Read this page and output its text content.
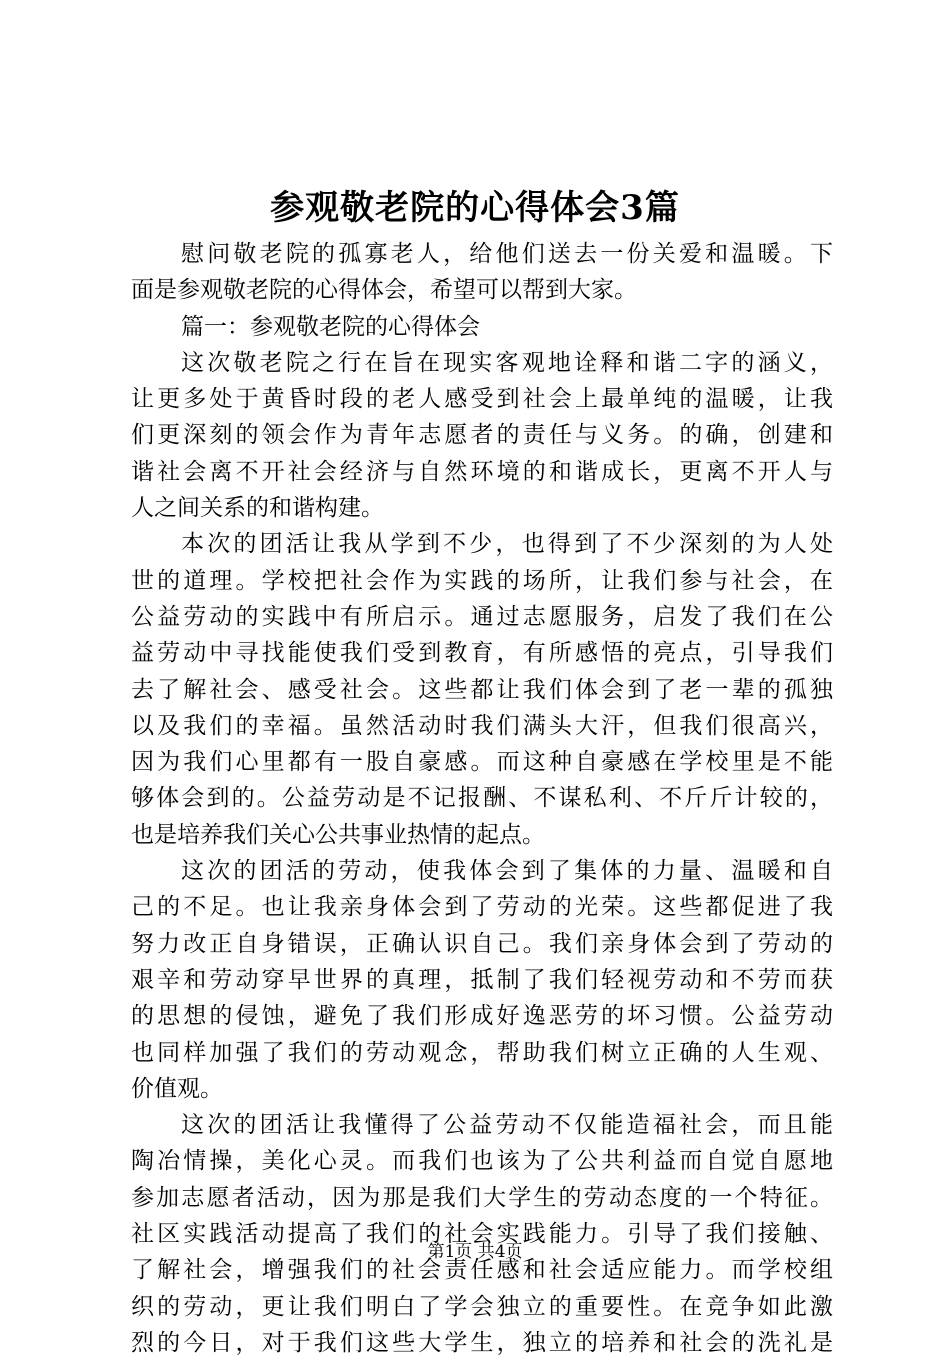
参观敬老院的心得体会3篇
慰问敬老院的孤寡老人，给他们送去一份关爱和温暖。下
面是参观敬老院的心得体会，希望可以帮到大家。
篇一：参观敬老院的心得体会
这次敬老院之行在旨在现实客观地诠释和谐二字的涵义，
让更多处于黄昏时段的老人感受到社会上最单纯的温暖，让我
们更深刻的领会作为青年志愿者的责任与义务。的确，创建和
谐社会离不开社会经济与自然环境的和谐成长，更离不开人与
人之间关系的和谐构建。
本次的团活让我从学到不少，也得到了不少深刻的为人处
世的道理。学校把社会作为实践的场所，让我们参与社会，在
公益劳动的实践中有所启示。通过志愿服务，启发了我们在公
益劳动中寻找能使我们受到教育，有所感悟的亮点，引导我们
去了解社会、感受社会。这些都让我们体会到了老一辈的孤独
以及我们的幸福。虽然活动时我们满头大汗，但我们很高兴，
因为我们心里都有一股自豪感。而这种自豪感在学校里是不能
够体会到的。公益劳动是不记报酬、不谋私利、不斤斤计较的，
也是培养我们关心公共事业热情的起点。
这次的团活的劳动，使我体会到了集体的力量、温暖和自
己的不足。也让我亲身体会到了劳动的光荣。这些都促进了我
努力改正自身错误，正确认识自己。我们亲身体会到了劳动的
艰辛和劳动穿早世界的真理，抵制了我们轻视劳动和不劳而获
的思想的侵蚀，避免了我们形成好逸恶劳的坏习惯。公益劳动
也同样加强了我们的劳动观念，帮助我们树立正确的人生观、
价值观。
这次的团活让我懂得了公益劳动不仅能造福社会，而且能
陶冶情操，美化心灵。而我们也该为了公共利益而自觉自愿地
参加志愿者活动，因为那是我们大学生的劳动态度的一个特征。
社区实践活动提高了我们的社会实践能力。引导了我们接触、
了解社会，增强我们的社会责任感和社会适应能力。而学校组
织的劳动，更让我们明白了学会独立的重要性。在竞争如此激
烈的今日，对于我们这些大学生，独立的培养和社会的洗礼是
第1页 共4页
